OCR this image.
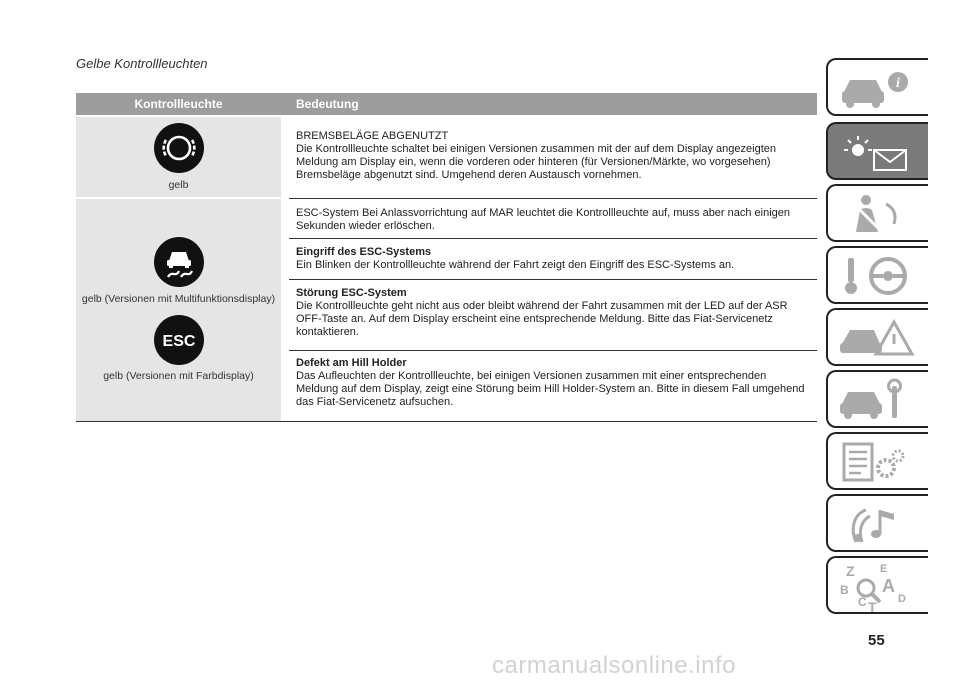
Gelbe Kontrollleuchten
Kontrollleuchte	Bedeutung
gelb
BREMSBELÄGE ABGENUTZT
Die Kontrollleuchte schaltet bei einigen Versionen zusammen mit der auf dem Display angezeigten Meldung am Display ein, wenn die vorderen oder hinteren (für Versionen/Märkte, wo vorgesehen) Bremsbeläge abgenutzt sind. Umgehend deren Austausch vornehmen.
gelb (Versionen mit Multifunktionsdisplay)
ESC
gelb (Versionen mit Farbdisplay)
ESC-System Bei Anlassvorrichtung auf MAR leuchtet die Kontrollleuchte auf, muss aber nach einigen Sekunden wieder erlöschen.
Eingriff des ESC-Systems
Ein Blinken der Kontrollleuchte während der Fahrt zeigt den Eingriff des ESC-Systems an.
Störung ESC-System
Die Kontrollleuchte geht nicht aus oder bleibt während der Fahrt zusammen mit der LED auf der ASR OFF-Taste an. Auf dem Display erscheint eine entsprechende Meldung. Bitte das Fiat-Servicenetz kontaktieren.
Defekt am Hill Holder
Das Aufleuchten der Kontrollleuchte, bei einigen Versionen zusammen mit einer entsprechenden Meldung auf dem Display, zeigt eine Störung beim Hill Holder-System an. Bitte in diesem Fall umgehend das Fiat-Servicenetz aufsuchen.
i
Z E
A
B
C T D
55
carmanualsonline.info
